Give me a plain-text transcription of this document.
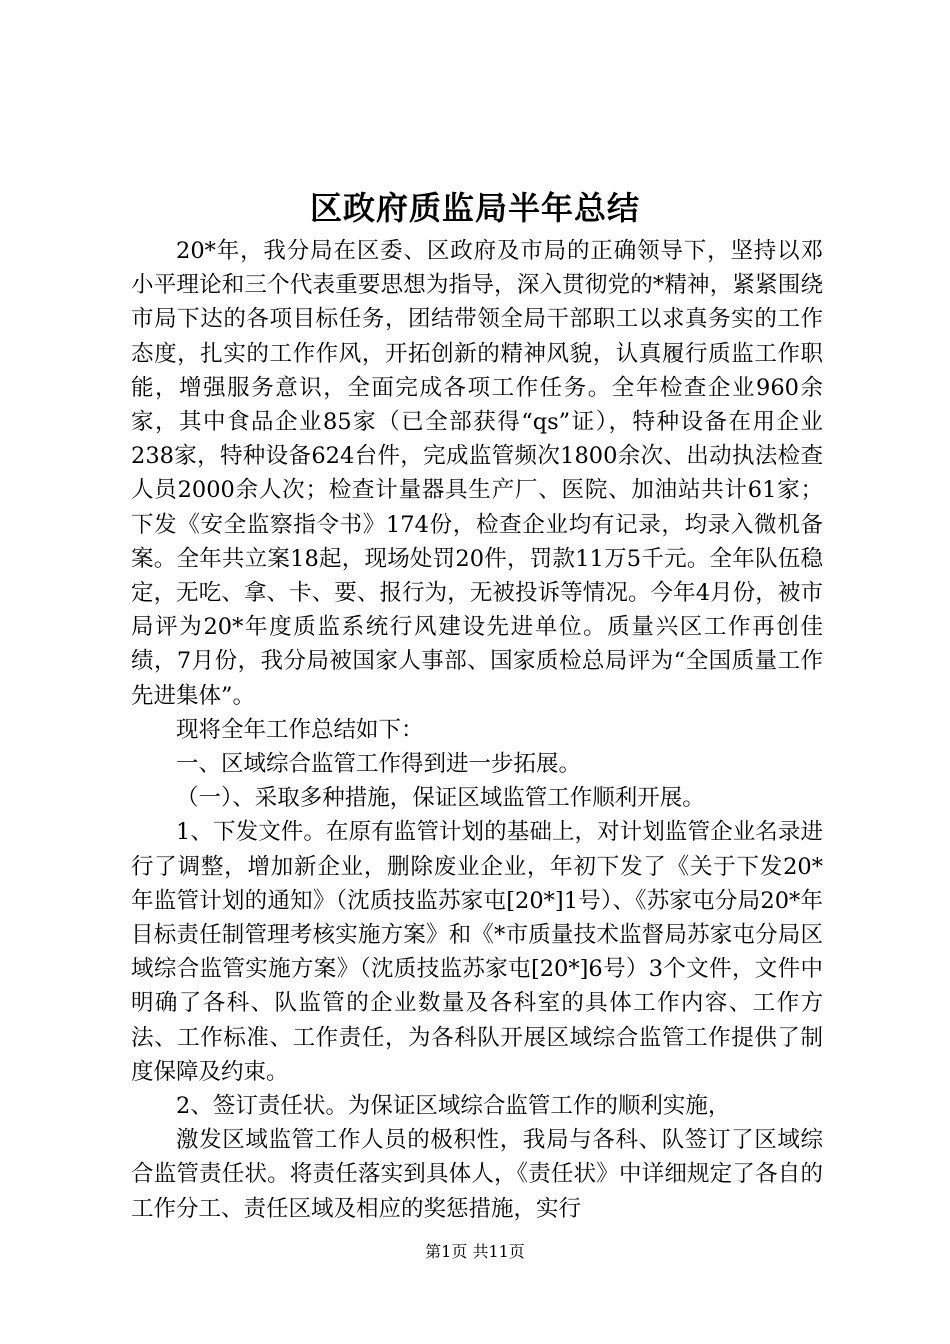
区政府质监局半年总结

20*年，我分局在区委、区政府及市局的正确领导下，坚持以邓小平理论和三个代表重要思想为指导，深入贯彻党的*精神，紧紧围绕市局下达的各项目标任务，团结带领全局干部职工以求真务实的工作态度，扎实的工作作风，开拓创新的精神风貌，认真履行质监工作职能，增强服务意识，全面完成各项工作任务。全年检查企业960余家，其中食品企业85家（已全部获得“qs”证），特种设备在用企业238家，特种设备624台件，完成监管频次1800余次、出动执法检查人员2000余人次；检查计量器具生产厂、医院、加油站共计61家；下发《安全监察指令书》174份，检查企业均有记录，均录入微机备案。全年共立案18起，现场处罚20件，罚款11万5千元。全年队伍稳定，无吃、拿、卡、要、报行为，无被投诉等情况。今年4月份，被市局评为20*年度质监系统行风建设先进单位。质量兴区工作再创佳绩，7月份，我分局被国家人事部、国家质检总局评为“全国质量工作先进集体”。

现将全年工作总结如下：

一、区域综合监管工作得到进一步拓展。

（一）、采取多种措施，保证区域监管工作顺利开展。

1、下发文件。在原有监管计划的基础上，对计划监管企业名录进行了调整，增加新企业，删除废业企业，年初下发了《关于下发20*年监管计划的通知》（沈质技监苏家屯[20*]1号）、《苏家屯分局20*年目标责任制管理考核实施方案》和《*市质量技术监督局苏家屯分局区域综合监管实施方案》（沈质技监苏家屯[20*]6号）3个文件，文件中明确了各科、队监管的企业数量及各科室的具体工作内容、工作方法、工作标准、工作责任，为各科队开展区域综合监管工作提供了制度保障及约束。

2、签订责任状。为保证区域综合监管工作的顺利实施，

激发区域监管工作人员的极积性，我局与各科、队签订了区域综合监管责任状。将责任落实到具体人，《责任状》中详细规定了各自的工作分工、责任区域及相应的奖惩措施，实行

第1页 共11页
